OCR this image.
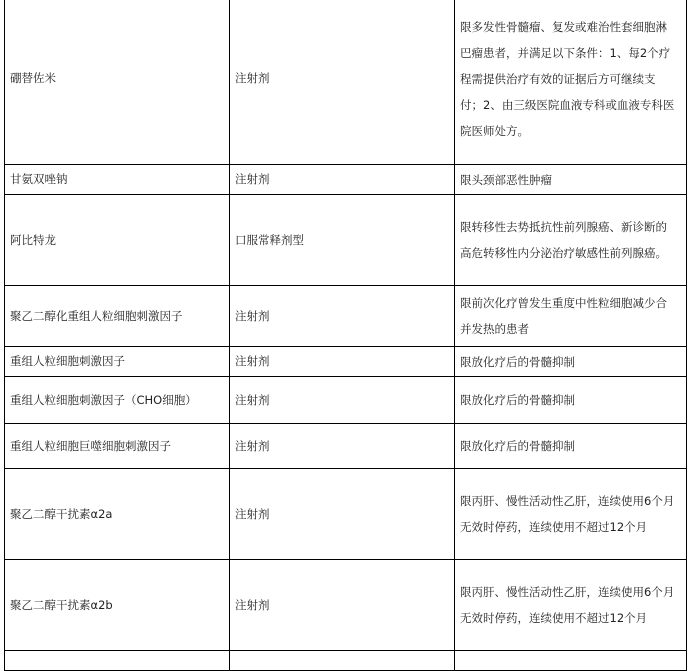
硼替佐米	注射剂	限多发性骨髓瘤、复发或难治性套细胞淋巴瘤患者，并满足以下条件：1、每2个疗程需提供治疗有效的证据后方可继续支付；2、由三级医院血液专科或血液专科医院医师处方。
甘氨双唑钠	注射剂	限头颈部恶性肿瘤
阿比特龙	口服常释剂型	限转移性去势抵抗性前列腺癌、新诊断的高危转移性内分泌治疗敏感性前列腺癌。
聚乙二醇化重组人粒细胞刺激因子	注射剂	限前次化疗曾发生重度中性粒细胞减少合并发热的患者
重组人粒细胞刺激因子	注射剂	限放化疗后的骨髓抑制
重组人粒细胞刺激因子（CHO细胞）	注射剂	限放化疗后的骨髓抑制
重组人粒细胞巨噬细胞刺激因子	注射剂	限放化疗后的骨髓抑制
聚乙二醇干扰素α2a	注射剂	限丙肝、慢性活动性乙肝，连续使用6个月无效时停药，连续使用不超过12个月
聚乙二醇干扰素α2b	注射剂	限丙肝、慢性活动性乙肝，连续使用6个月无效时停药，连续使用不超过12个月
